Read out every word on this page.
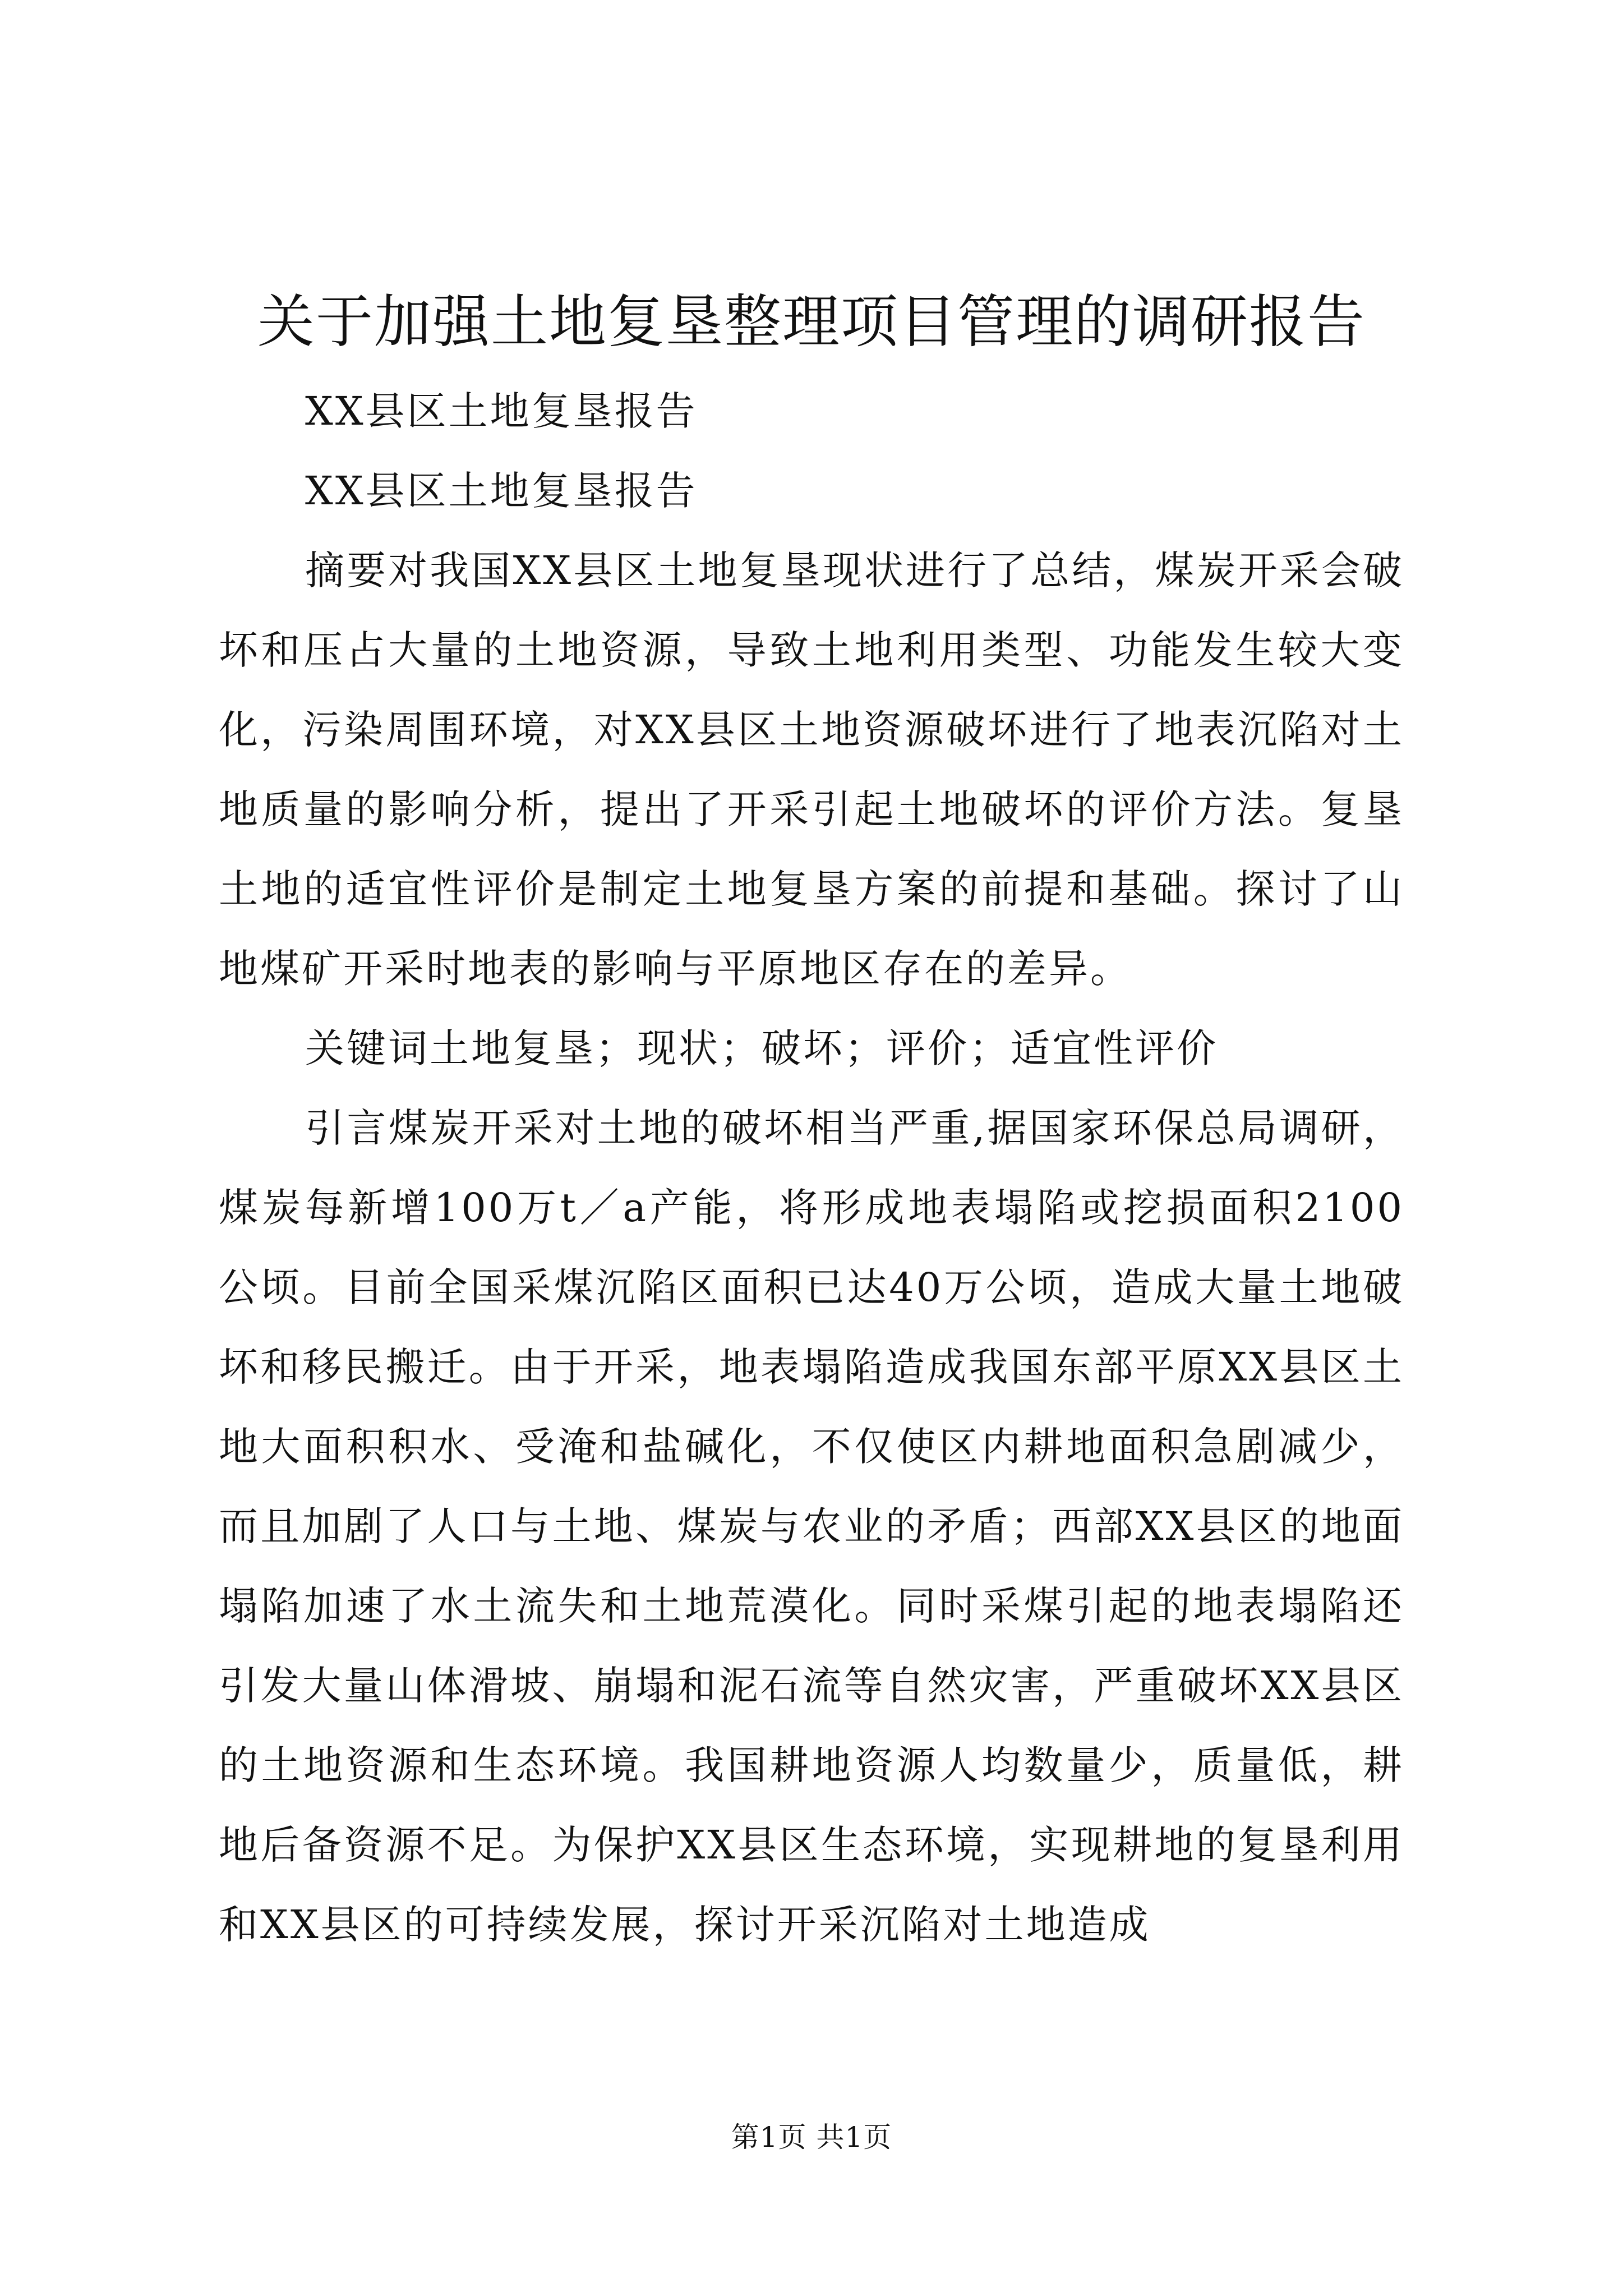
关于加强土地复垦整理项目管理的调研报告

XX县区土地复垦报告

XX县区土地复垦报告

摘要对我国XX县区土地复垦现状进行了总结，煤炭开采会破坏和压占大量的土地资源，导致土地利用类型、功能发生较大变化，污染周围环境，对XX县区土地资源破坏进行了地表沉陷对土地质量的影响分析，提出了开采引起土地破坏的评价方法。复垦土地的适宜性评价是制定土地复垦方案的前提和基础。探讨了山地煤矿开采时地表的影响与平原地区存在的差异。

关键词土地复垦；现状；破坏；评价；适宜性评价

引言煤炭开采对土地的破坏相当严重,据国家环保总局调研，煤炭每新增100万t／a产能，将形成地表塌陷或挖损面积2100公顷。目前全国采煤沉陷区面积已达40万公顷，造成大量土地破坏和移民搬迁。由于开采，地表塌陷造成我国东部平原XX县区土地大面积积水、受淹和盐碱化，不仅使区内耕地面积急剧减少，而且加剧了人口与土地、煤炭与农业的矛盾；西部XX县区的地面塌陷加速了水土流失和土地荒漠化。同时采煤引起的地表塌陷还引发大量山体滑坡、崩塌和泥石流等自然灾害，严重破坏XX县区的土地资源和生态环境。我国耕地资源人均数量少，质量低，耕地后备资源不足。为保护XX县区生态环境，实现耕地的复垦利用和XX县区的可持续发展，探讨开采沉陷对土地造成

第1页 共1页
